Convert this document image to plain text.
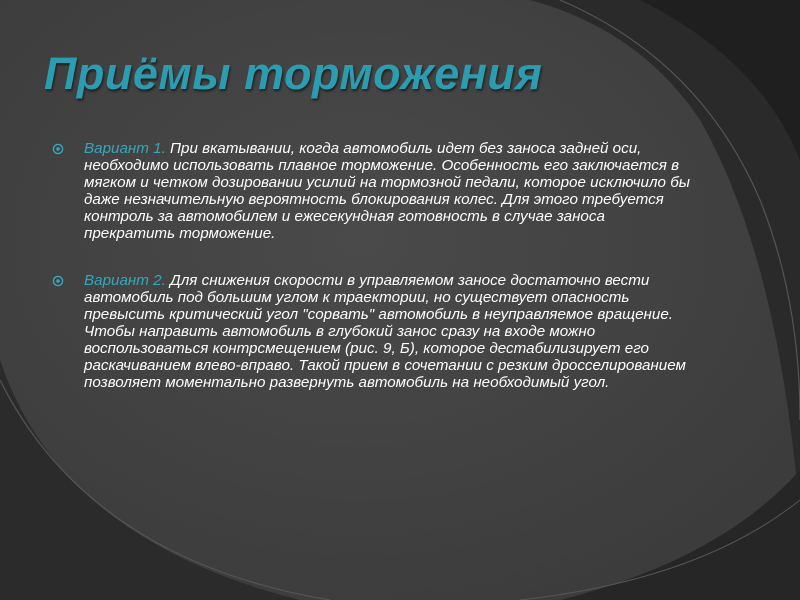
Приёмы торможения
Вариант 1. При вкатывании, когда автомобиль идет без заноса задней оси, необходимо использовать плавное торможение. Особенность его заключается в мягком и четком дозировании усилий на тормозной педали, которое исключило бы даже незначительную вероятность блокирования колес. Для этого требуется контроль за автомобилем и ежесекундная готовность в случае заноса прекратить торможение.
Вариант 2. Для снижения скорости в управляемом заносе достаточно вести автомобиль под большим углом к траектории, но существует опасность превысить критический угол "сорвать" автомобиль в неуправляемое вращение. Чтобы направить автомобиль в глубокий занос сразу на входе можно воспользоваться контрсмещением (рис. 9, Б), которое дестабилизирует его раскачиванием влево-вправо. Такой прием в сочетании с резким дросселированием позволяет моментально развернуть автомобиль на необходимый угол.
